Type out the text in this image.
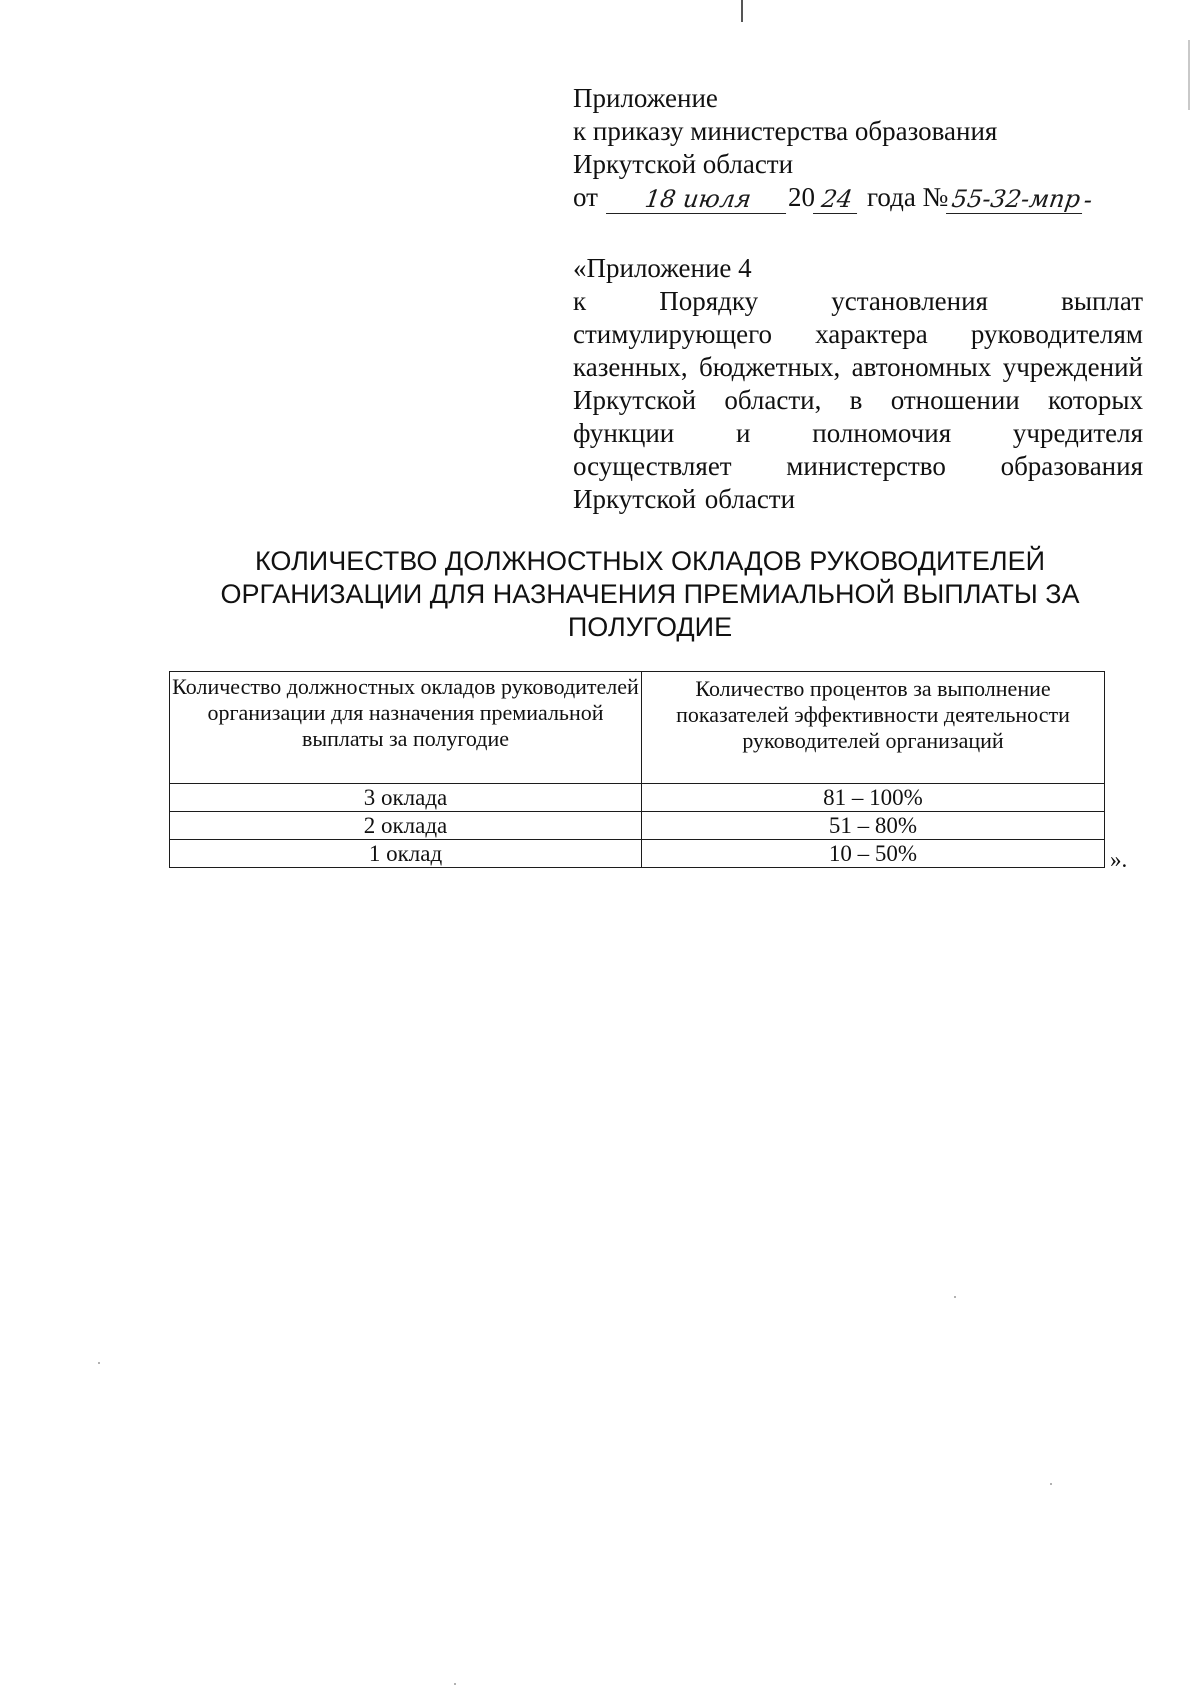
Приложение
к приказу министерства образования
Иркутской области
от	18 июля	20 24 года № 55-32-мпр -
«Приложение 4
к Порядку установления выплат стимулирующего характера руководителям казенных, бюджетных, автономных учреждений Иркутской области, в отношении которых функции и полномочия учредителя осуществляет министерство образования Иркутской области
КОЛИЧЕСТВО ДОЛЖНОСТНЫХ ОКЛАДОВ РУКОВОДИТЕЛЕЙ
ОРГАНИЗАЦИИ ДЛЯ НАЗНАЧЕНИЯ ПРЕМИАЛЬНОЙ ВЫПЛАТЫ ЗА
ПОЛУГОДИЕ
Количество должностных окладов руководителей организации для назначения премиальной выплаты за полугодие	Количество процентов за выполнение показателей эффективности деятельности руководителей организаций
3 оклада	81 – 100%
2 оклада	51 – 80%
1 оклад	10 – 50%	».
